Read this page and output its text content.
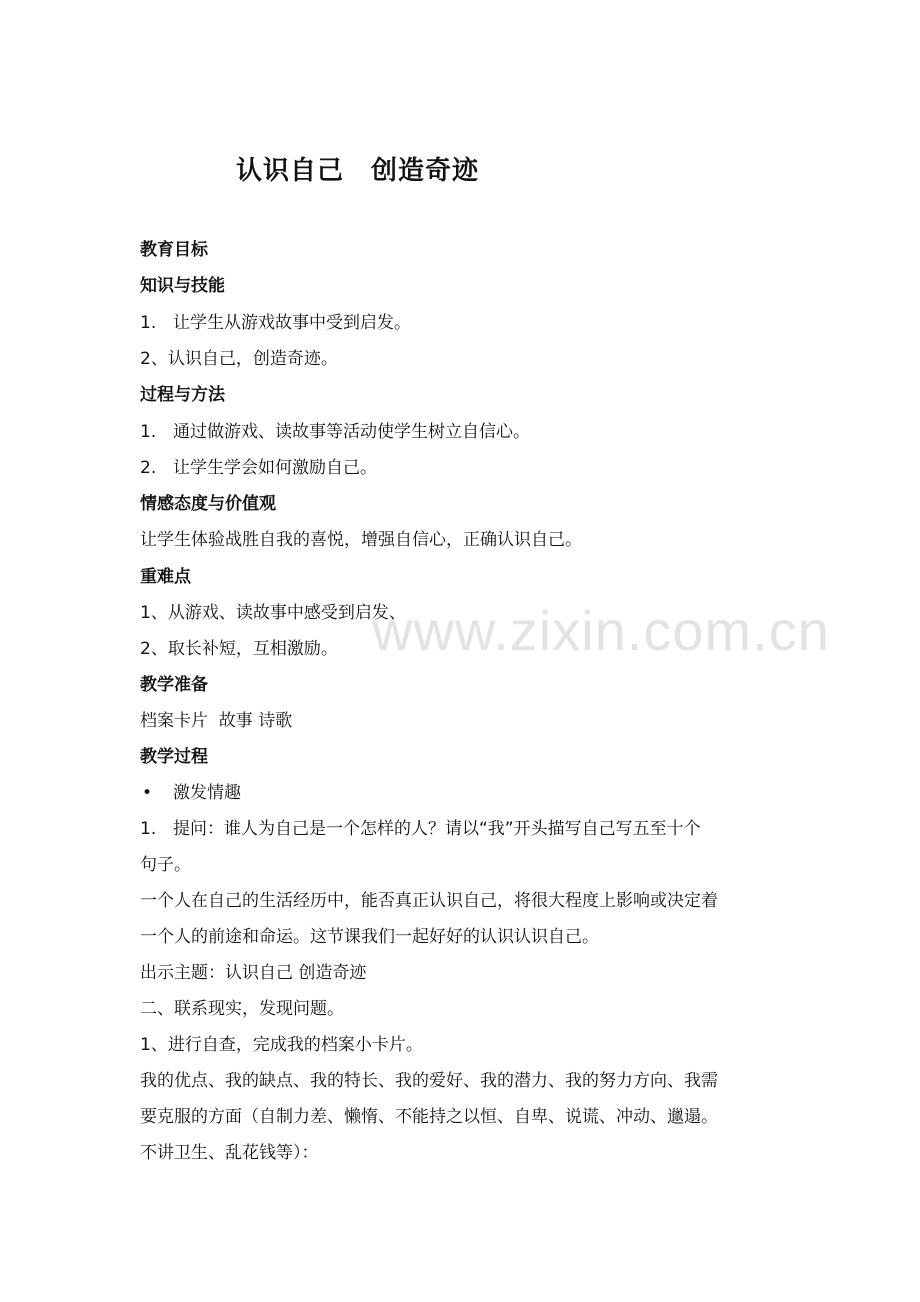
www.zixin.com.cn
认识自己　创造奇迹
教育目标
知识与技能
1. 让学生从游戏故事中受到启发。
2、认识自己，创造奇迹。
过程与方法
1. 通过做游戏、读故事等活动使学生树立自信心。
2. 让学生学会如何激励自己。
情感态度与价值观
让学生体验战胜自我的喜悦，增强自信心，正确认识自己。
重难点
1、从游戏、读故事中感受到启发、
2、取长补短，互相激励。
教学准备
档案卡片  故事 诗歌
教学过程
• 激发情趣
1. 提问：谁人为自己是一个怎样的人？请以“我”开头描写自己写五至十个
句子。
一个人在自己的生活经历中，能否真正认识自己，将很大程度上影响或决定着
一个人的前途和命运。这节课我们一起好好的认识认识自己。
出示主题：认识自己 创造奇迹
二、联系现实，发现问题。
1、进行自查，完成我的档案小卡片。
我的优点、我的缺点、我的特长、我的爱好、我的潜力、我的努力方向、我需
要克服的方面（自制力差、懒惰、不能持之以恒、自卑、说谎、冲动、邋遢。
不讲卫生、乱花钱等）：
